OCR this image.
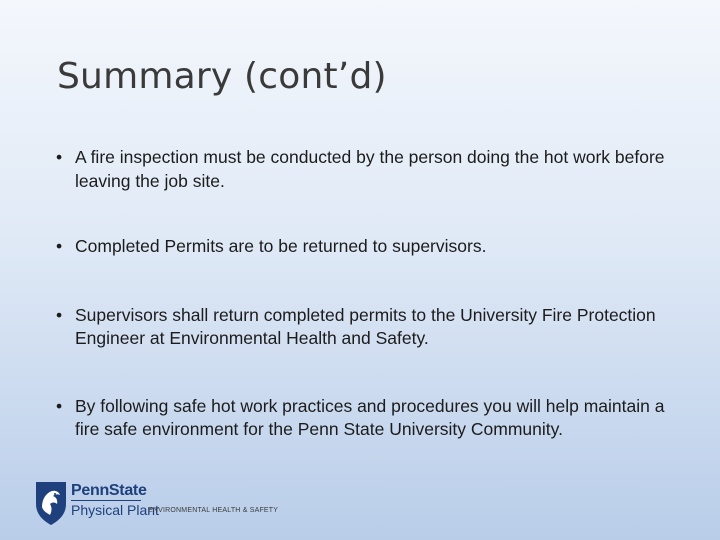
Summary (cont’d)
• A fire inspection must be conducted by the person doing the hot work before leaving the job site.
• Completed Permits are to be returned to supervisors.
• Supervisors shall return completed permits to the University Fire Protection Engineer at Environmental Health and Safety.
• By following safe hot work practices and procedures you will help maintain a fire safe environment for the Penn State University Community.
PennState
Physical Plant
ENVIRONMENTAL HEALTH & SAFETY
